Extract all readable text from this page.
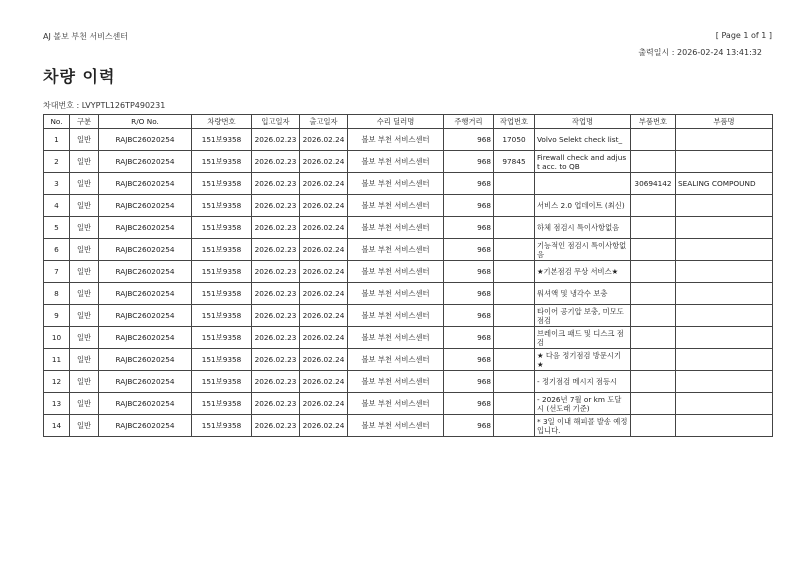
AJ 볼보 부천 서비스센터	[ Page 1 of 1 ]
출력일시 : 2026-02-24 13:41:32
차량 이력
차대번호 : LVYPTL126TP490231
No.	구분	R/O No.	차량번호	입고일자	출고일자	수리 딜러명	주행거리	작업번호	작업명	부품번호	부품명
1	일반	RAJBC26020254	151보9358	2026.02.23	2026.02.24	볼보 부천 서비스센터	968	17050	Volvo Selekt check list_		
2	일반	RAJBC26020254	151보9358	2026.02.23	2026.02.24	볼보 부천 서비스센터	968	97845	Firewall check and adjust acc. to QB		
3	일반	RAJBC26020254	151보9358	2026.02.23	2026.02.24	볼보 부천 서비스센터	968			30694142	SEALING COMPOUND
4	일반	RAJBC26020254	151보9358	2026.02.23	2026.02.24	볼보 부천 서비스센터	968		서비스 2.0 업데이트 (최신)		
5	일반	RAJBC26020254	151보9358	2026.02.23	2026.02.24	볼보 부천 서비스센터	968		하체 점검시 특이사항없음		
6	일반	RAJBC26020254	151보9358	2026.02.23	2026.02.24	볼보 부천 서비스센터	968		기능적인 점검시 특이사항없음		
7	일반	RAJBC26020254	151보9358	2026.02.23	2026.02.24	볼보 부천 서비스센터	968		★기본점검 무상 서비스★		
8	일반	RAJBC26020254	151보9358	2026.02.23	2026.02.24	볼보 부천 서비스센터	968		워셔액 및 냉각수 보충		
9	일반	RAJBC26020254	151보9358	2026.02.23	2026.02.24	볼보 부천 서비스센터	968		타이어 공기압 보충, 미모도 점검		
10	일반	RAJBC26020254	151보9358	2026.02.23	2026.02.24	볼보 부천 서비스센터	968		브레이크 패드 및 디스크 점검		
11	일반	RAJBC26020254	151보9358	2026.02.23	2026.02.24	볼보 부천 서비스센터	968		★ 다음 정기점검 방문시기 ★		
12	일반	RAJBC26020254	151보9358	2026.02.23	2026.02.24	볼보 부천 서비스센터	968		- 정기점검 메시지 점등시		
13	일반	RAJBC26020254	151보9358	2026.02.23	2026.02.24	볼보 부천 서비스센터	968		- 2026년 7월 or km 도달시 (선도래 기준)		
14	일반	RAJBC26020254	151보9358	2026.02.23	2026.02.24	볼보 부천 서비스센터	968		* 3일 이내 해피콜 발송 예정입니다.		
